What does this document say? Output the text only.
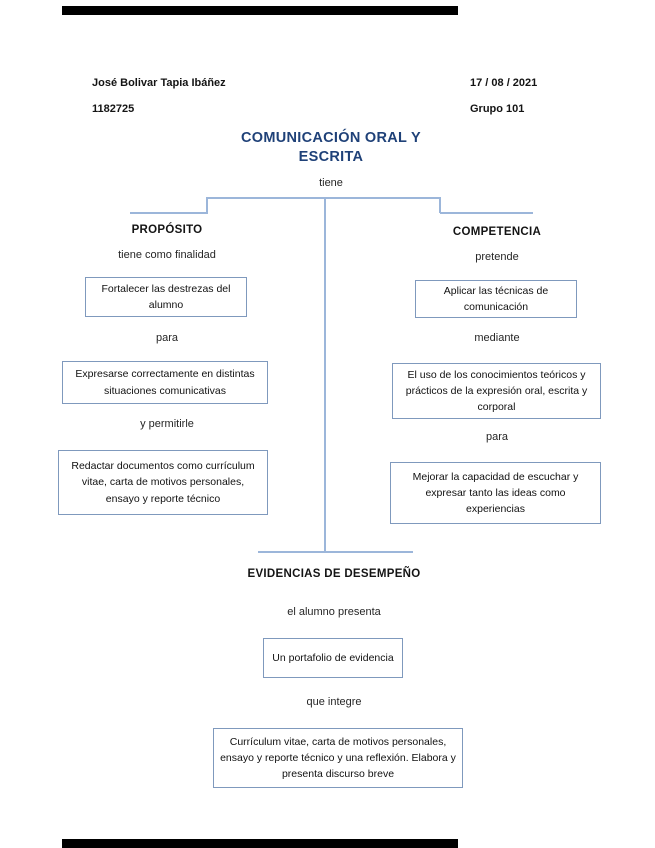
José Bolivar Tapia Ibáñez	17 / 08 / 2021
1182725	Grupo 101
COMUNICACIÓN ORAL Y ESCRITA
tiene
PROPÓSITO
tiene como finalidad
Fortalecer las destrezas del alumno
para
Expresarse correctamente en distintas situaciones comunicativas
y permitirle
Redactar documentos como currículum vitae, carta de motivos personales, ensayo y reporte técnico
COMPETENCIA
pretende
Aplicar las técnicas de comunicación
mediante
El uso de los conocimientos teóricos y prácticos de la expresión oral, escrita y corporal
para
Mejorar la capacidad de escuchar y expresar tanto las ideas como experiencias
EVIDENCIAS DE DESEMPEÑO
el alumno presenta
Un portafolio de evidencia
que integre
Currículum vitae, carta de motivos personales, ensayo y reporte técnico y una reflexión. Elabora y presenta discurso breve
